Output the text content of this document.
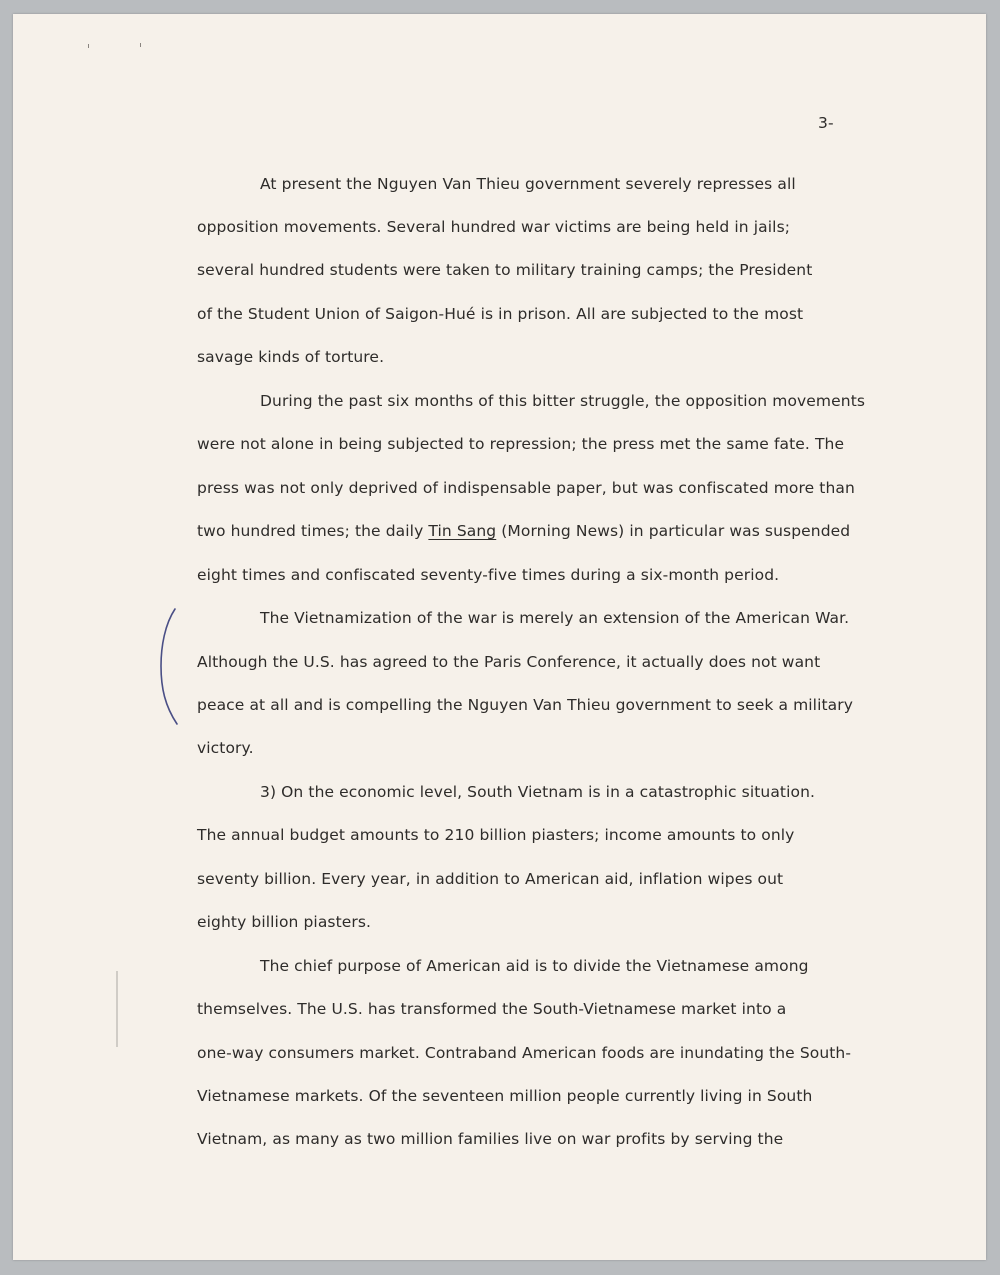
3-
At present the Nguyen Van Thieu government severely represses all
opposition movements. Several hundred war victims are being held in jails;
several hundred students were taken to military training camps; the President
of the Student Union of Saigon-Hué is in prison. All are subjected to the most
savage kinds of torture.
During the past six months of this bitter struggle, the opposition movements
were not alone in being subjected to repression; the press met the same fate. The
press was not only deprived of indispensable paper, but was confiscated more than
two hundred times; the daily Tin Sang (Morning News) in particular was suspended
eight times and confiscated seventy-five times during a six-month period.
The Vietnamization of the war is merely an extension of the American War.
Although the U.S. has agreed to the Paris Conference, it actually does not want
peace at all and is compelling the Nguyen Van Thieu government to seek a military
victory.
3) On the economic level, South Vietnam is in a catastrophic situation.
The annual budget amounts to 210 billion piasters; income amounts to only
seventy billion. Every year, in addition to American aid, inflation wipes out
eighty billion piasters.
The chief purpose of American aid is to divide the Vietnamese among
themselves. The U.S. has transformed the South-Vietnamese market into a
one-way consumers market. Contraband American foods are inundating the South-
Vietnamese markets. Of the seventeen million people currently living in South
Vietnam, as many as two million families live on war profits by serving the
